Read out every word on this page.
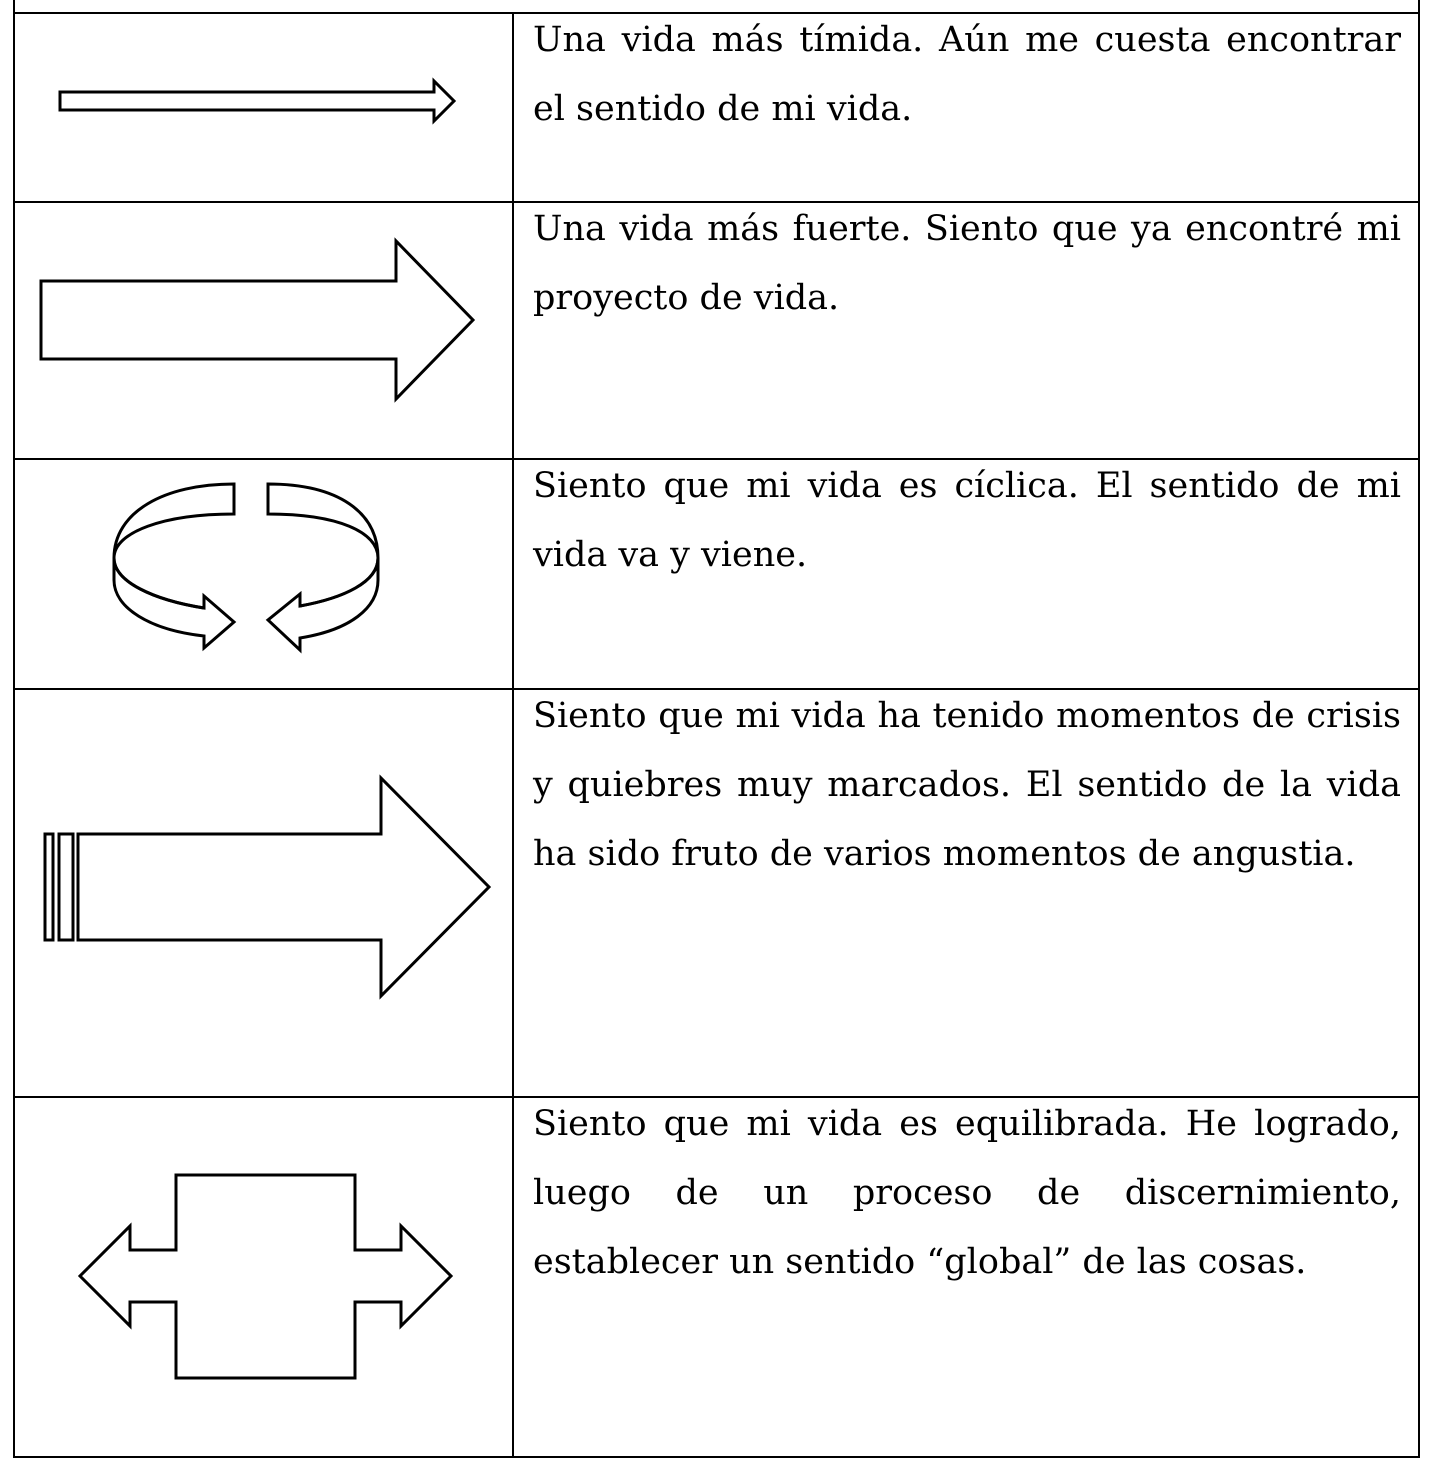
Una vida más tímida. Aún me cuesta encontrar el sentido de mi vida.
Una vida más fuerte. Siento que ya encontré mi proyecto de vida.
Siento que mi vida es cíclica. El sentido de mi vida va y viene.
Siento que mi vida ha tenido momentos de crisis y quiebres muy marcados. El sentido de la vida ha sido fruto de varios momentos de angustia.
Siento que mi vida es equilibrada. He logrado, luego de un proceso de discernimiento, establecer un sentido “global” de las cosas.
